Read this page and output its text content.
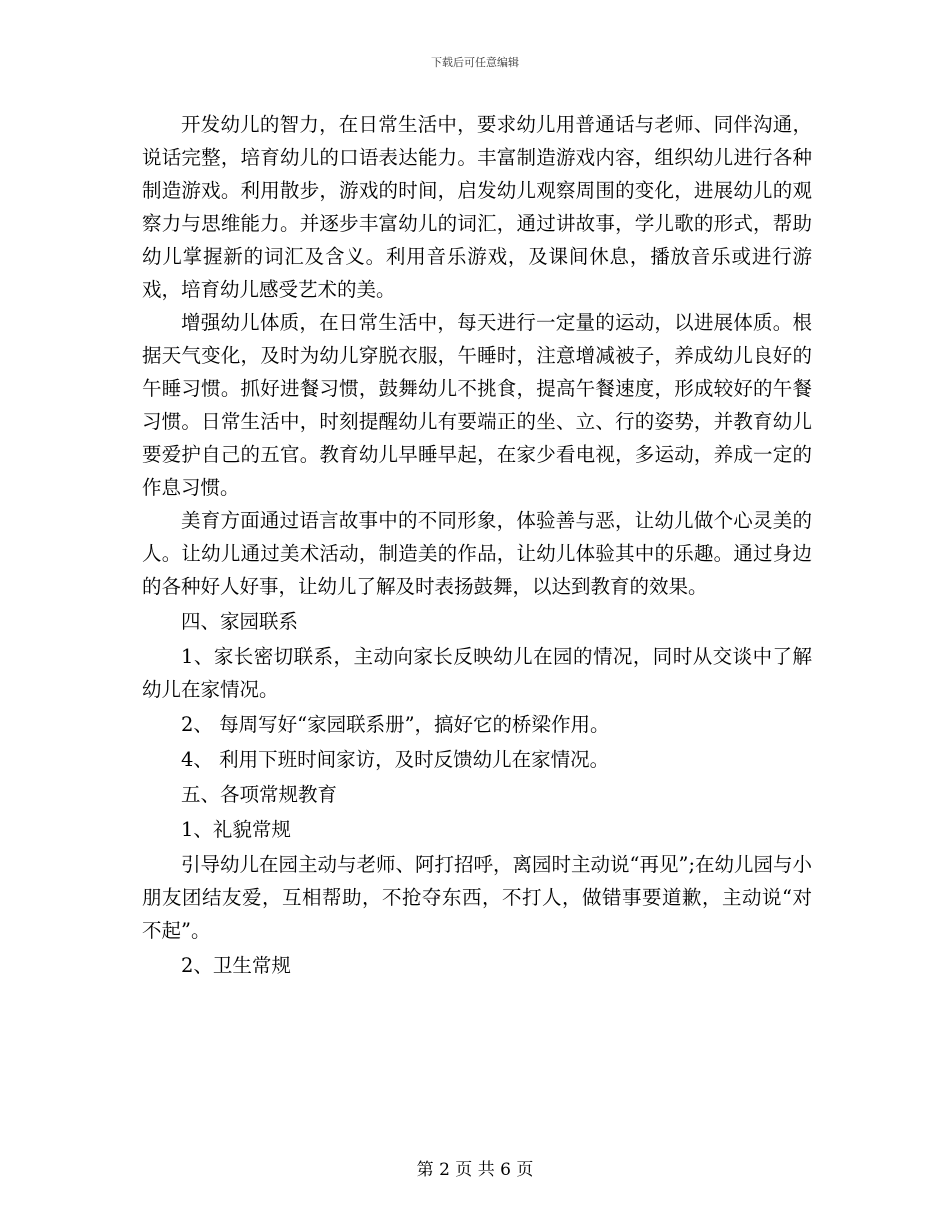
下载后可任意编辑

开发幼儿的智力，在日常生活中，要求幼儿用普通话与老师、同伴沟通，说话完整，培育幼儿的口语表达能力。丰富制造游戏内容，组织幼儿进行各种制造游戏。利用散步，游戏的时间，启发幼儿观察周围的变化，进展幼儿的观察力与思维能力。并逐步丰富幼儿的词汇，通过讲故事，学儿歌的形式，帮助幼儿掌握新的词汇及含义。利用音乐游戏，及课间休息，播放音乐或进行游戏，培育幼儿感受艺术的美。

增强幼儿体质，在日常生活中，每天进行一定量的运动，以进展体质。根据天气变化，及时为幼儿穿脱衣服，午睡时，注意增减被子，养成幼儿良好的午睡习惯。抓好进餐习惯，鼓舞幼儿不挑食，提高午餐速度，形成较好的午餐习惯。日常生活中，时刻提醒幼儿有要端正的坐、立、行的姿势，并教育幼儿要爱护自己的五官。教育幼儿早睡早起，在家少看电视，多运动，养成一定的作息习惯。

美育方面通过语言故事中的不同形象，体验善与恶，让幼儿做个心灵美的人。让幼儿通过美术活动，制造美的作品，让幼儿体验其中的乐趣。通过身边的各种好人好事，让幼儿了解及时表扬鼓舞，以达到教育的效果。

四、家园联系

1、家长密切联系，主动向家长反映幼儿在园的情况，同时从交谈中了解幼儿在家情况。

2、 每周写好“家园联系册”，搞好它的桥梁作用。

4、 利用下班时间家访，及时反馈幼儿在家情况。

五、各项常规教育

1、礼貌常规

引导幼儿在园主动与老师、阿打招呼，离园时主动说“再见”;在幼儿园与小朋友团结友爱，互相帮助，不抢夺东西，不打人，做错事要道歉，主动说“对不起”。

2、卫生常规

第 2 页 共 6 页
